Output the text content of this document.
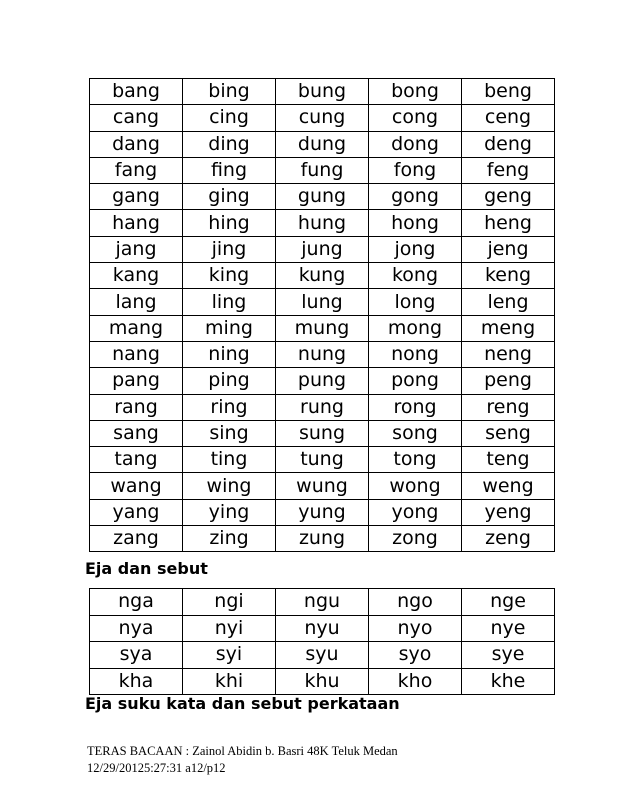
bang	bing	bung	bong	beng
cang	cing	cung	cong	ceng
dang	ding	dung	dong	deng
fang	fing	fung	fong	feng
gang	ging	gung	gong	geng
hang	hing	hung	hong	heng
jang	jing	jung	jong	jeng
kang	king	kung	kong	keng
lang	ling	lung	long	leng
mang	ming	mung	mong	meng
nang	ning	nung	nong	neng
pang	ping	pung	pong	peng
rang	ring	rung	rong	reng
sang	sing	sung	song	seng
tang	ting	tung	tong	teng
wang	wing	wung	wong	weng
yang	ying	yung	yong	yeng
zang	zing	zung	zong	zeng
Eja dan sebut
nga	ngi	ngu	ngo	nge
nya	nyi	nyu	nyo	nye
sya	syi	syu	syo	sye
kha	khi	khu	kho	khe
Eja suku kata dan sebut perkataan
TERAS BACAAN : Zainol Abidin b. Basri 48K Teluk Medan
12/29/20125:27:31 a12/p12
